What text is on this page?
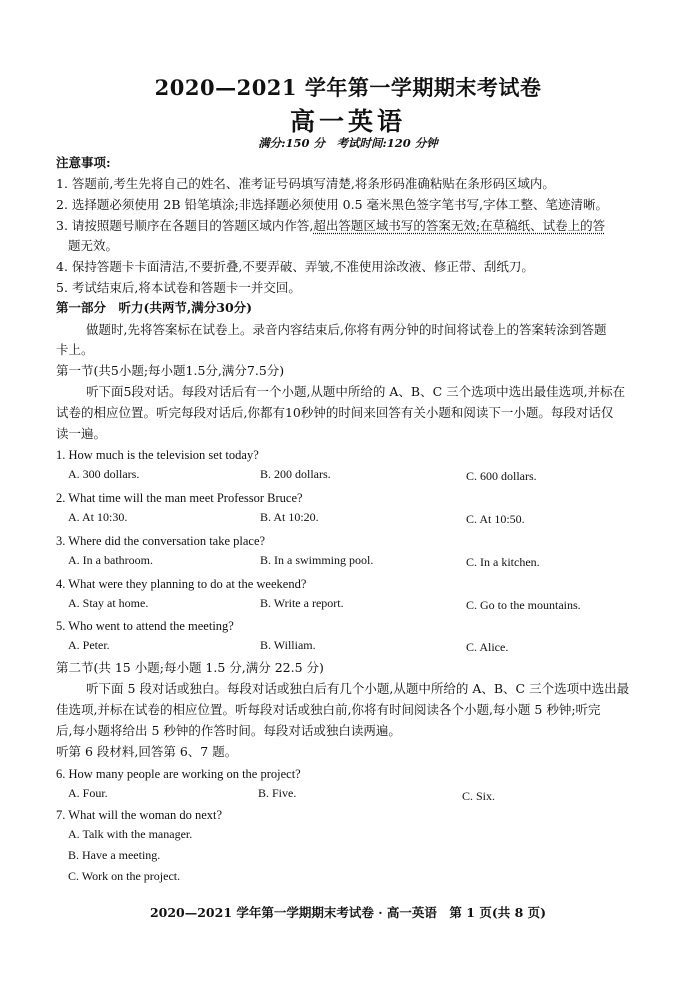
2020—2021 学年第一学期期末考试卷
高一英语
满分:150 分　考试时间:120 分钟
注意事项:
1. 答题前,考生先将自己的姓名、准考证号码填写清楚,将条形码准确粘贴在条形码区域内。
2. 选择题必须使用 2B 铅笔填涂;非选择题必须使用 0.5 毫米黑色签字笔书写,字体工整、笔迹清晰。
3. 请按照题号顺序在各题目的答题区域内作答,超出答题区域书写的答案无效;在草稿纸、试卷上的答
题无效。
4. 保持答题卡卡面清洁,不要折叠,不要弄破、弄皱,不准使用涂改液、修正带、刮纸刀。
5. 考试结束后,将本试卷和答题卡一并交回。
第一部分　听力(共两节,满分30分)
做题时,先将答案标在试卷上。录音内容结束后,你将有两分钟的时间将试卷上的答案转涂到答题
卡上。
第一节(共5小题;每小题1.5分,满分7.5分)
听下面5段对话。每段对话后有一个小题,从题中所给的 A、B、C 三个选项中选出最佳选项,并标在
试卷的相应位置。听完每段对话后,你都有10秒钟的时间来回答有关小题和阅读下一小题。每段对话仅
读一遍。
1. How much is the television set today?
A. 300 dollars.	B. 200 dollars.	C. 600 dollars.
2. What time will the man meet Professor Bruce?
A. At 10:30.	B. At 10:20.	C. At 10:50.
3. Where did the conversation take place?
A. In a bathroom.	B. In a swimming pool.	C. In a kitchen.
4. What were they planning to do at the weekend?
A. Stay at home.	B. Write a report.	C. Go to the mountains.
5. Who went to attend the meeting?
A. Peter.	B. William.	C. Alice.
第二节(共 15 小题;每小题 1.5 分,满分 22.5 分)
听下面 5 段对话或独白。每段对话或独白后有几个小题,从题中所给的 A、B、C 三个选项中选出最
佳选项,并标在试卷的相应位置。听每段对话或独白前,你将有时间阅读各个小题,每小题 5 秒钟;听完
后,每小题将给出 5 秒钟的作答时间。每段对话或独白读两遍。
听第 6 段材料,回答第 6、7 题。
6. How many people are working on the project?
A. Four.	B. Five.	C. Six.
7. What will the woman do next?
A. Talk with the manager.
B. Have a meeting.
C. Work on the project.
2020—2021 学年第一学期期末考试卷 · 高一英语　第 1 页(共 8 页)
